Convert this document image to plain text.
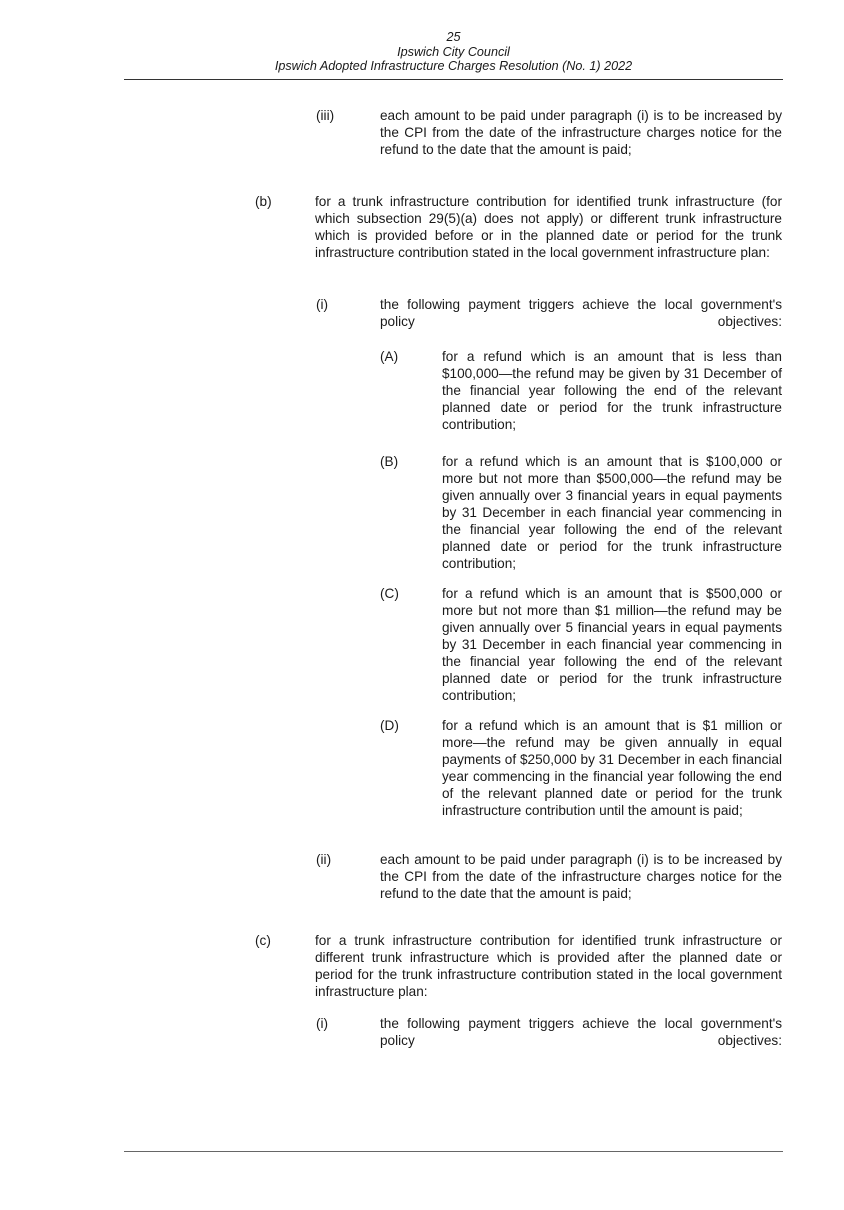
25
Ipswich City Council
Ipswich Adopted Infrastructure Charges Resolution (No. 1) 2022
(iii)	each amount to be paid under paragraph (i) is to be increased by the CPI from the date of the infrastructure charges notice for the refund to the date that the amount is paid;
(b)	for a trunk infrastructure contribution for identified trunk infrastructure (for which subsection 29(5)(a) does not apply) or different trunk infrastructure which is provided before or in the planned date or period for the trunk infrastructure contribution stated in the local government infrastructure plan:
(i)	the following payment triggers achieve the local government's policy objectives:
(A)	for a refund which is an amount that is less than $100,000—the refund may be given by 31 December of the financial year following the end of the relevant planned date or period for the trunk infrastructure contribution;
(B)	for a refund which is an amount that is $100,000 or more but not more than $500,000—the refund may be given annually over 3 financial years in equal payments by 31 December in each financial year commencing in the financial year following the end of the relevant planned date or period for the trunk infrastructure contribution;
(C)	for a refund which is an amount that is $500,000 or more but not more than $1 million—the refund may be given annually over 5 financial years in equal payments by 31 December in each financial year commencing in the financial year following the end of the relevant planned date or period for the trunk infrastructure contribution;
(D)	for a refund which is an amount that is $1 million or more—the refund may be given annually in equal payments of $250,000 by 31 December in each financial year commencing in the financial year following the end of the relevant planned date or period for the trunk infrastructure contribution until the amount is paid;
(ii)	each amount to be paid under paragraph (i) is to be increased by the CPI from the date of the infrastructure charges notice for the refund to the date that the amount is paid;
(c)	for a trunk infrastructure contribution for identified trunk infrastructure or different trunk infrastructure which is provided after the planned date or period for the trunk infrastructure contribution stated in the local government infrastructure plan:
(i)	the following payment triggers achieve the local government's policy objectives:
